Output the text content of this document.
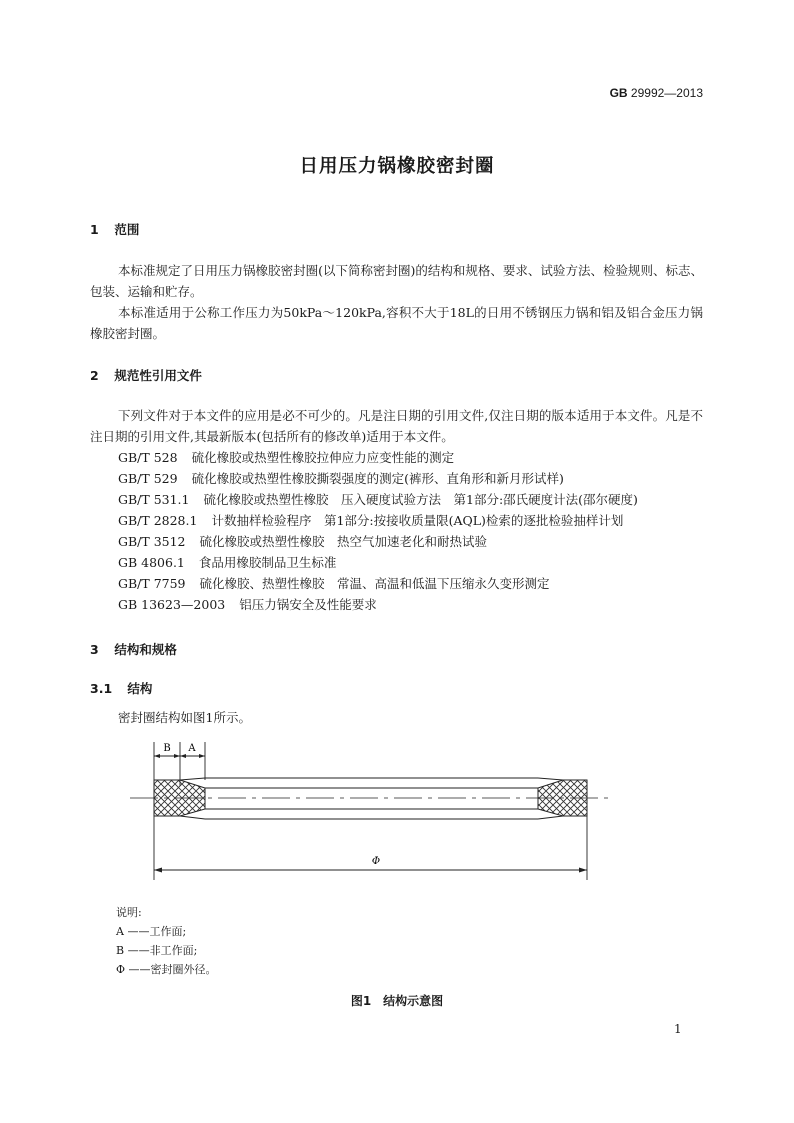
GB 29992—2013
日用压力锅橡胶密封圈
1 范围
本标准规定了日用压力锅橡胶密封圈(以下简称密封圈)的结构和规格、要求、试验方法、检验规则、标志、包装、运输和贮存。
本标准适用于公称工作压力为50kPa～120kPa,容积不大于18L的日用不锈钢压力锅和铝及铝合金压力锅橡胶密封圈。
2 规范性引用文件
下列文件对于本文件的应用是必不可少的。凡是注日期的引用文件,仅注日期的版本适用于本文件。凡是不注日期的引用文件,其最新版本(包括所有的修改单)适用于本文件。
GB/T 528 硫化橡胶或热塑性橡胶拉伸应力应变性能的测定
GB/T 529 硫化橡胶或热塑性橡胶撕裂强度的测定(裤形、直角形和新月形试样)
GB/T 531.1 硫化橡胶或热塑性橡胶　压入硬度试验方法　第1部分:邵氏硬度计法(邵尔硬度)
GB/T 2828.1 计数抽样检验程序　第1部分:按接收质量限(AQL)检索的逐批检验抽样计划
GB/T 3512 硫化橡胶或热塑性橡胶　热空气加速老化和耐热试验
GB 4806.1 食品用橡胶制品卫生标准
GB/T 7759 硫化橡胶、热塑性橡胶　常温、高温和低温下压缩永久变形测定
GB 13623—2003 铝压力锅安全及性能要求
3 结构和规格
3.1 结构
密封圈结构如图1所示。
B A
Φ
说明:
A ——工作面;
B ——非工作面;
Φ ——密封圈外径。
图1　结构示意图
1
